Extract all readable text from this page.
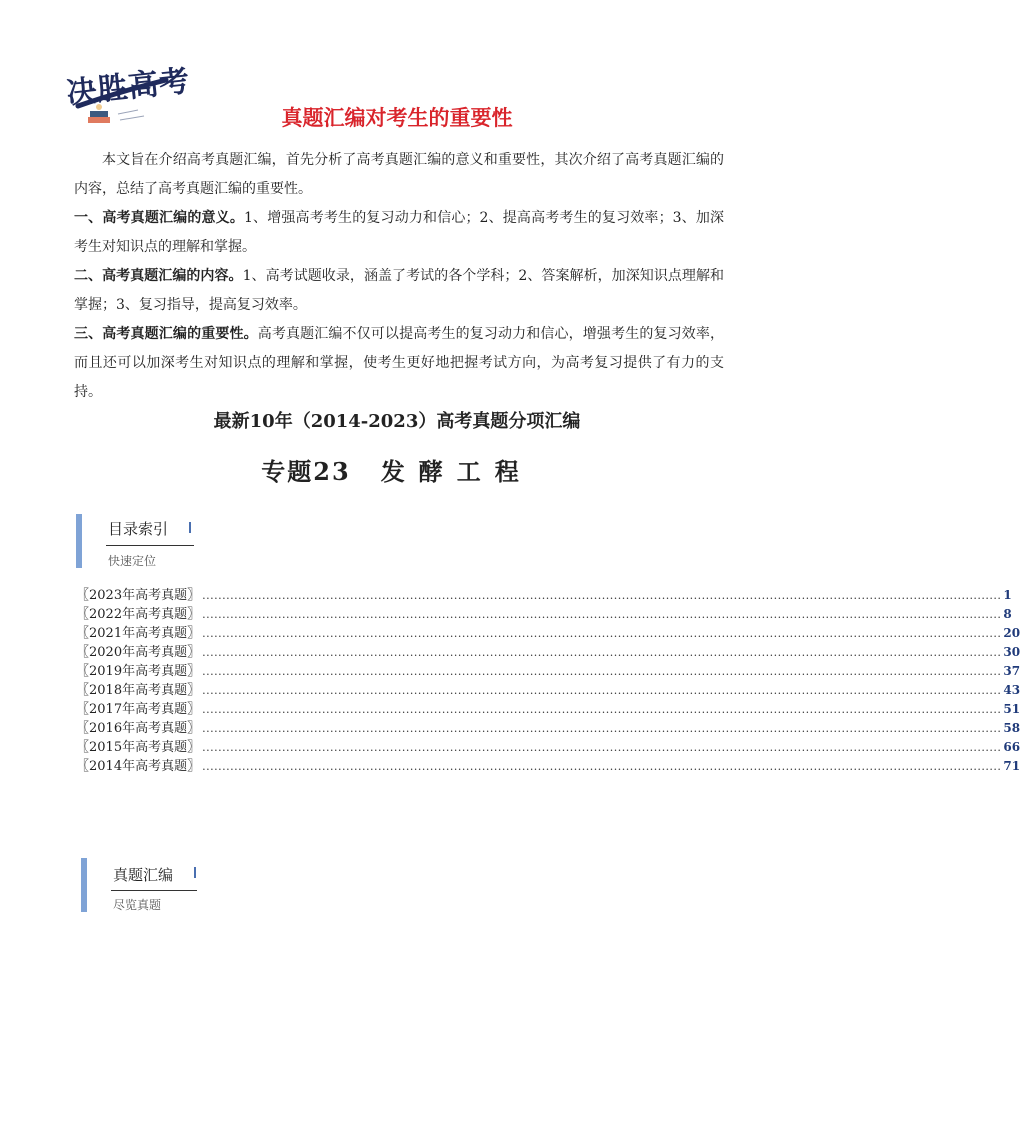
决胜高考
真题汇编对考生的重要性

本文旨在介绍高考真题汇编，首先分析了高考真题汇编的意义和重要性，其次介绍了高考真题汇编的内容，总结了高考真题汇编的重要性。

一、高考真题汇编的意义。1、增强高考考生的复习动力和信心；2、提高高考考生的复习效率；3、加深考生对知识点的理解和掌握。

二、高考真题汇编的内容。1、高考试题收录，涵盖了考试的各个学科；2、答案解析，加深知识点理解和掌握；3、复习指导，提高复习效率。

三、高考真题汇编的重要性。高考真题汇编不仅可以提高考生的复习动力和信心，增强考生的复习效率，而且还可以加深考生对知识点的理解和掌握，使考生更好地把握考试方向，为高考复习提供了有力的支持。

最新10年（2014-2023）高考真题分项汇编
专题23 发酵工程
目录索引
快速定位
〖2023年高考真题〗 ........................................................................................................................................................................................................ 1
〖2022年高考真题〗 ........................................................................................................................................................................................................ 8
〖2021年高考真题〗 ........................................................................................................................................................................................................ 20
〖2020年高考真题〗 ........................................................................................................................................................................................................ 30
〖2019年高考真题〗 ........................................................................................................................................................................................................ 37
〖2018年高考真题〗 ........................................................................................................................................................................................................ 43
〖2017年高考真题〗 ........................................................................................................................................................................................................ 51
〖2016年高考真题〗 ........................................................................................................................................................................................................ 58
〖2015年高考真题〗 ........................................................................................................................................................................................................ 66
〖2014年高考真题〗 ........................................................................................................................................................................................................ 71
真题汇编
尽览真题
